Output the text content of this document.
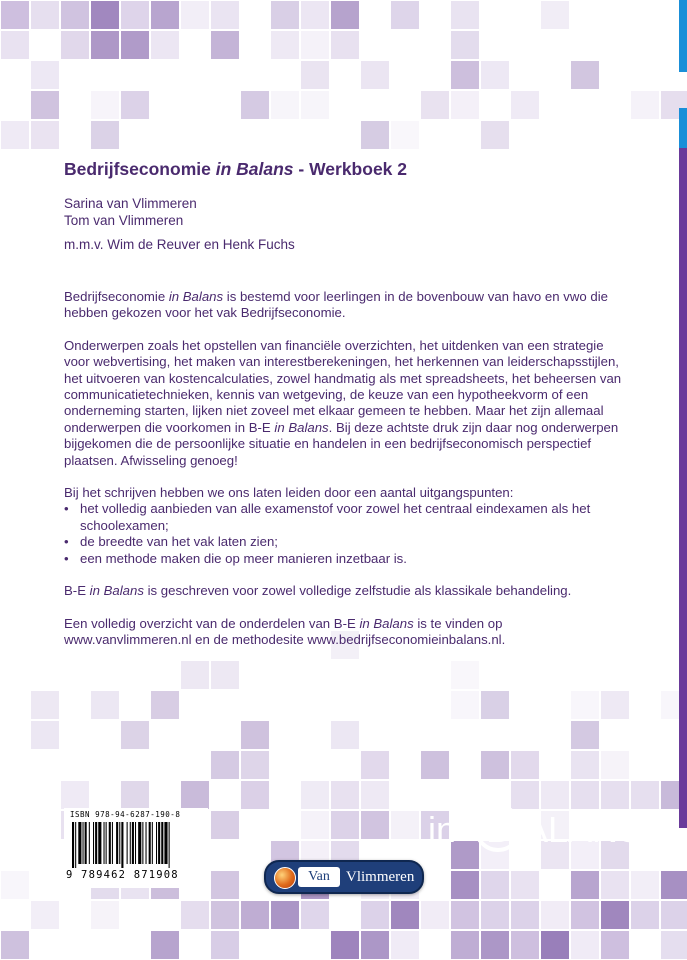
Bedrijfseconomie in Balans - Werkboek 2

Sarina van Vlimmeren

Tom van Vlimmeren

m.m.v. Wim de Reuver en Henk Fuchs

Bedrijfseconomie in Balans is bestemd voor leerlingen in de bovenbouw van havo en vwo die hebben gekozen voor het vak Bedrijfseconomie.

Onderwerpen zoals het opstellen van financiële overzichten, het uitdenken van een strategie voor webvertising, het maken van interestberekeningen, het herkennen van leiderschapsstijlen, het uitvoeren van kostencalculaties, zowel handmatig als met spreadsheets, het beheersen van communicatietechnieken, kennis van wetgeving, de keuze van een hypotheekvorm of een onderneming starten, lijken niet zoveel met elkaar gemeen te hebben. Maar het zijn allemaal onderwerpen die voorkomen in B-E in Balans. Bij deze achtste druk zijn daar nog onderwerpen bijgekomen die de persoonlijke situatie en handelen in een bedrijfseconomisch perspectief plaatsen. Afwisseling genoeg!

Bij het schrijven hebben we ons laten leiden door een aantal uitgangspunten:

• het volledig aanbieden van alle examenstof voor zowel het centraal eindexamen als het schoolexamen;
• de breedte van het vak laten zien;
• een methode maken die op meer manieren inzetbaar is.

B-E in Balans is geschreven voor zowel volledige zelfstudie als klassikale behandeling.

Een volledig overzicht van de onderdelen van B-E in Balans is te vinden op www.vanvlimmeren.nl en de methodesite www.bedrijfseconomieinbalans.nl.

ISBN 978-94-6287-190-8
9 789462 871908	Van	Vlimmeren
in B ALANS
